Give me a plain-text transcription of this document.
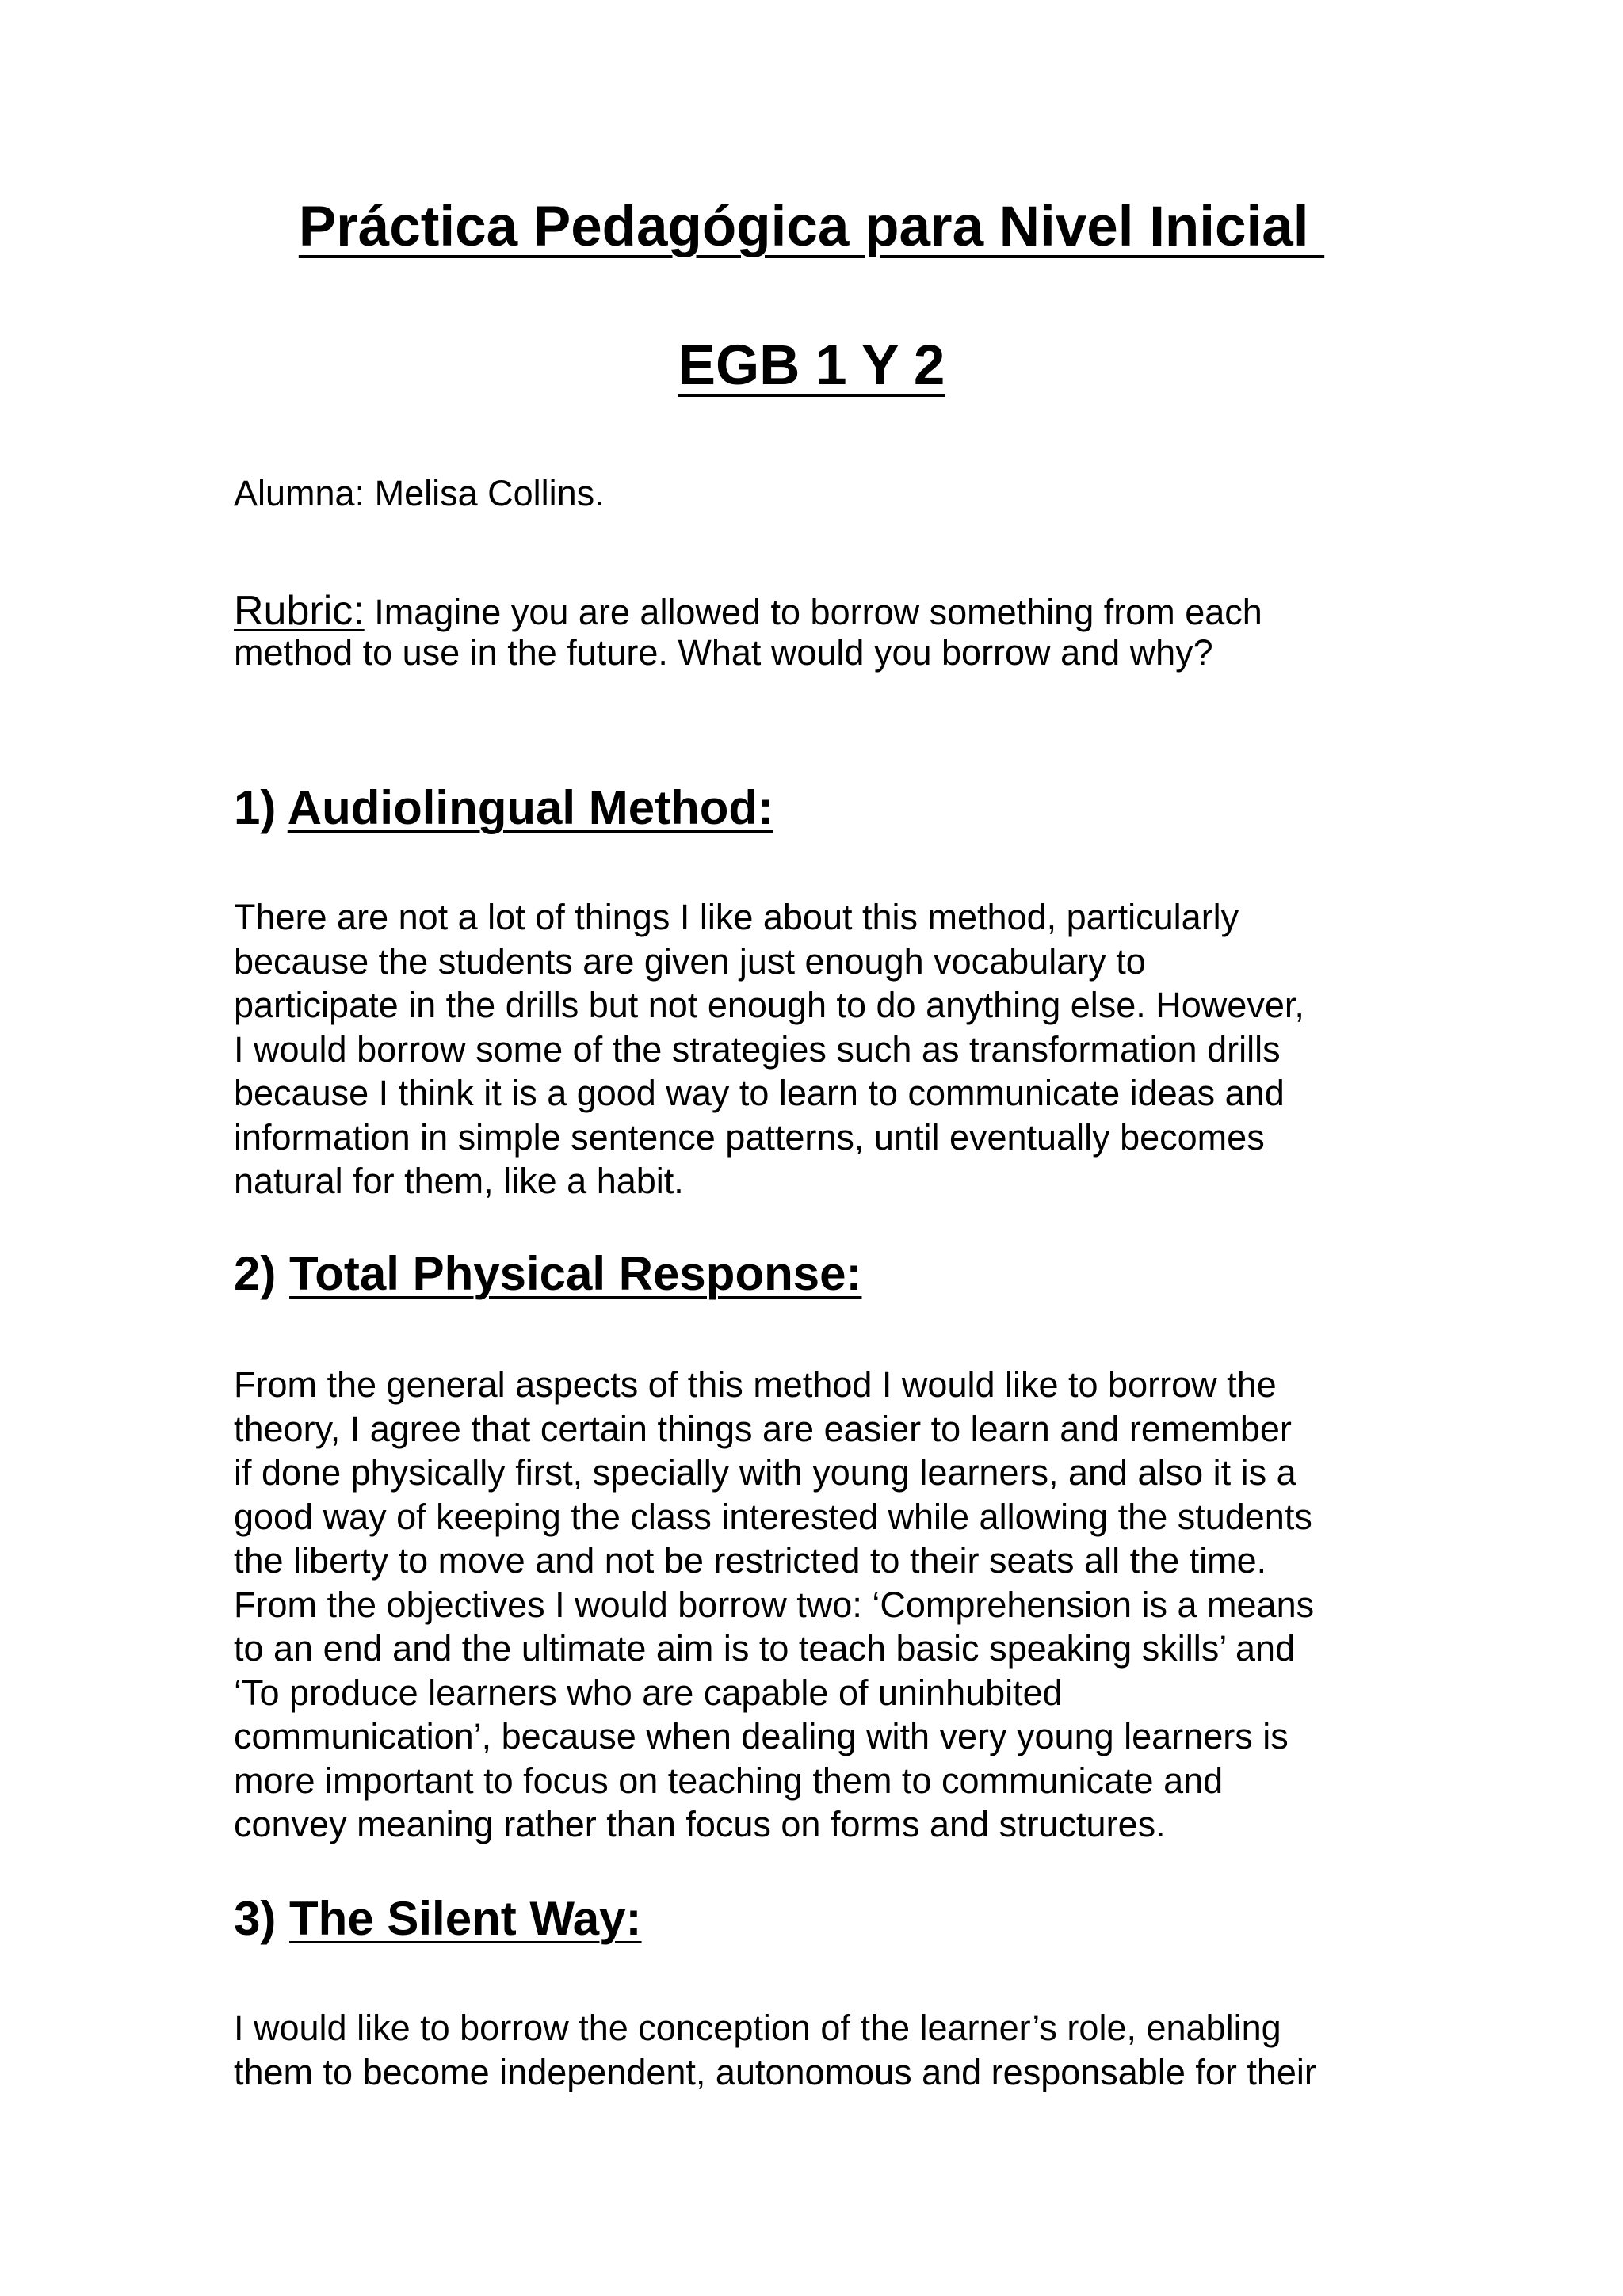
Práctica Pedagógica para Nivel Inicial
EGB 1 Y 2

Alumna: Melisa Collins.

Rubric: Imagine you are allowed to borrow something from each

method to use in the future. What would you borrow and why?

1) Audiolingual Method:
There are not a lot of things I like about this method, particularly
because the students are given just enough vocabulary to
participate in the drills but not enough to do anything else. However,
I would borrow some of the strategies such as transformation drills
because I think it is a good way to learn to communicate ideas and
information in simple sentence patterns, until eventually becomes
natural for them, like a habit.
2) Total Physical Response:
From the general aspects of this method I would like to borrow the
theory, I agree that certain things are easier to learn and remember
if done physically first, specially with young learners, and also it is a
good way of keeping the class interested while allowing the students
the liberty to move and not be restricted to their seats all the time.
From the objectives I would borrow two: ‘Comprehension is a means
to an end and the ultimate aim is to teach basic speaking skills’ and
‘To produce learners who are capable of uninhubited
communication’, because when dealing with very young learners is
more important to focus on teaching them to communicate and
convey meaning rather than focus on forms and structures.
3) The Silent Way:
I would like to borrow the conception of the learner’s role, enabling
them to become independent, autonomous and responsable for their
